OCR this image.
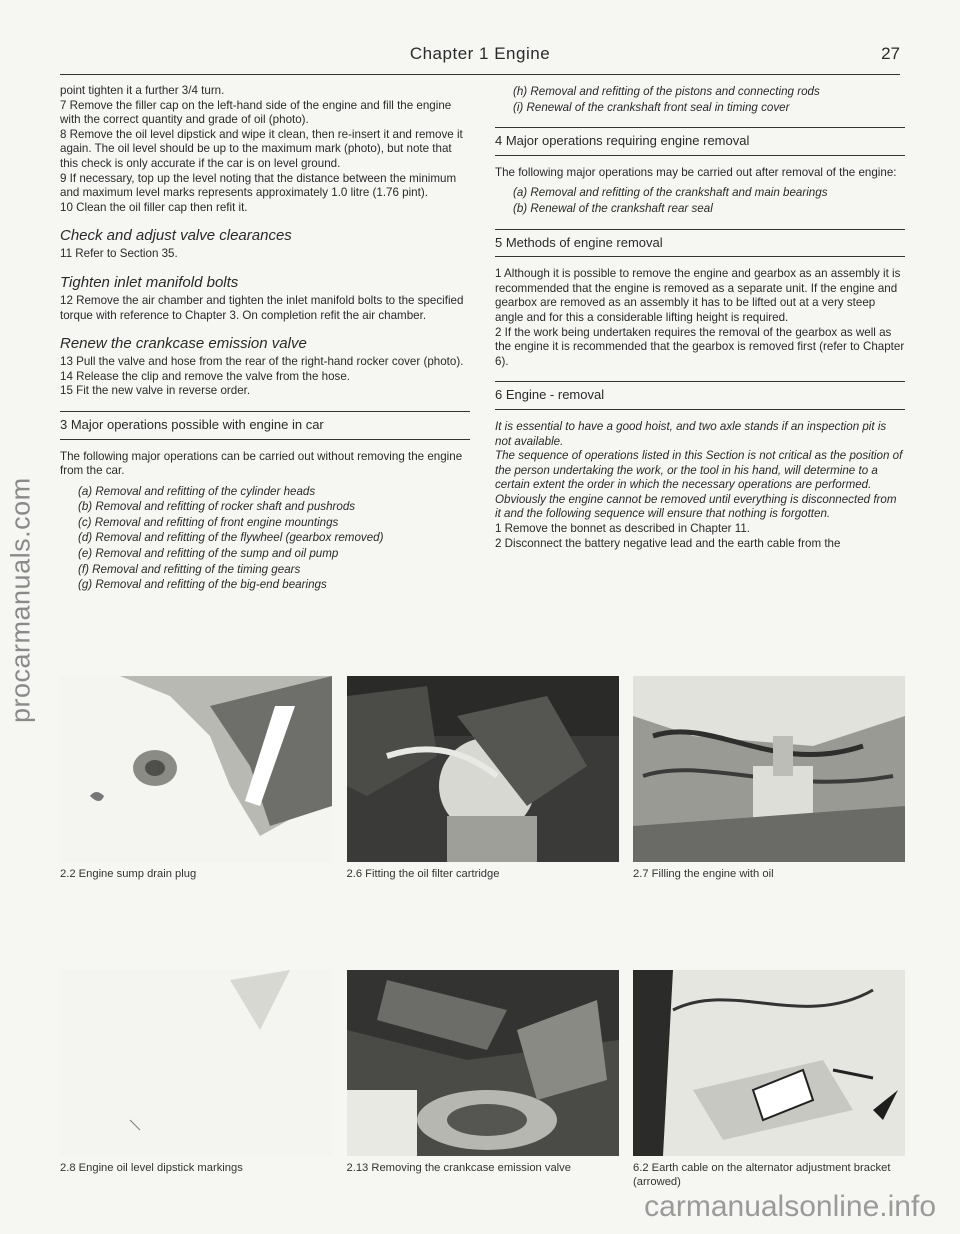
procarmanuals.com
Chapter 1 Engine	27

point tighten it a further 3/4 turn.

7 Remove the filler cap on the left-hand side of the engine and fill the engine with the correct quantity and grade of oil (photo).

8 Remove the oil level dipstick and wipe it clean, then re-insert it and remove it again. The oil level should be up to the maximum mark (photo), but note that this check is only accurate if the car is on level ground.

9 If necessary, top up the level noting that the distance between the minimum and maximum level marks represents approximately 1.0 litre (1.76 pint).

10 Clean the oil filler cap then refit it.

Check and adjust valve clearances

11 Refer to Section 35.

Tighten inlet manifold bolts

12 Remove the air chamber and tighten the inlet manifold bolts to the specified torque with reference to Chapter 3. On completion refit the air chamber.

Renew the crankcase emission valve

13 Pull the valve and hose from the rear of the right-hand rocker cover (photo).

14 Release the clip and remove the valve from the hose.

15 Fit the new valve in reverse order.

3 Major operations possible with engine in car

The following major operations can be carried out without removing the engine from the car.

(a) Removal and refitting of the cylinder heads
(b) Removal and refitting of rocker shaft and pushrods
(c) Removal and refitting of front engine mountings
(d) Removal and refitting of the flywheel (gearbox removed)
(e) Removal and refitting of the sump and oil pump
(f) Removal and refitting of the timing gears
(g) Removal and refitting of the big-end bearings
(h) Removal and refitting of the pistons and connecting rods
(i) Renewal of the crankshaft front seal in timing cover
4 Major operations requiring engine removal

The following major operations may be carried out after removal of the engine:

(a) Removal and refitting of the crankshaft and main bearings
(b) Renewal of the crankshaft rear seal
5 Methods of engine removal

1 Although it is possible to remove the engine and gearbox as an assembly it is recommended that the engine is removed as a separate unit. If the engine and gearbox are removed as an assembly it has to be lifted out at a very steep angle and for this a considerable lifting height is required.

2 If the work being undertaken requires the removal of the gearbox as well as the engine it is recommended that the gearbox is removed first (refer to Chapter 6).

6 Engine - removal

It is essential to have a good hoist, and two axle stands if an inspection pit is not available.

The sequence of operations listed in this Section is not critical as the position of the person undertaking the work, or the tool in his hand, will determine to a certain extent the order in which the necessary operations are performed. Obviously the engine cannot be removed until everything is disconnected from it and the following sequence will ensure that nothing is forgotten.

1 Remove the bonnet as described in Chapter 11.

2 Disconnect the battery negative lead and the earth cable from the

2.2 Engine sump drain plug	2.6 Fitting the oil filter cartridge	2.7 Filling the engine with oil
2.8 Engine oil level dipstick markings	2.13 Removing the crankcase emission valve	6.2 Earth cable on the alternator adjustment bracket (arrowed)
carmanualsonline.info
